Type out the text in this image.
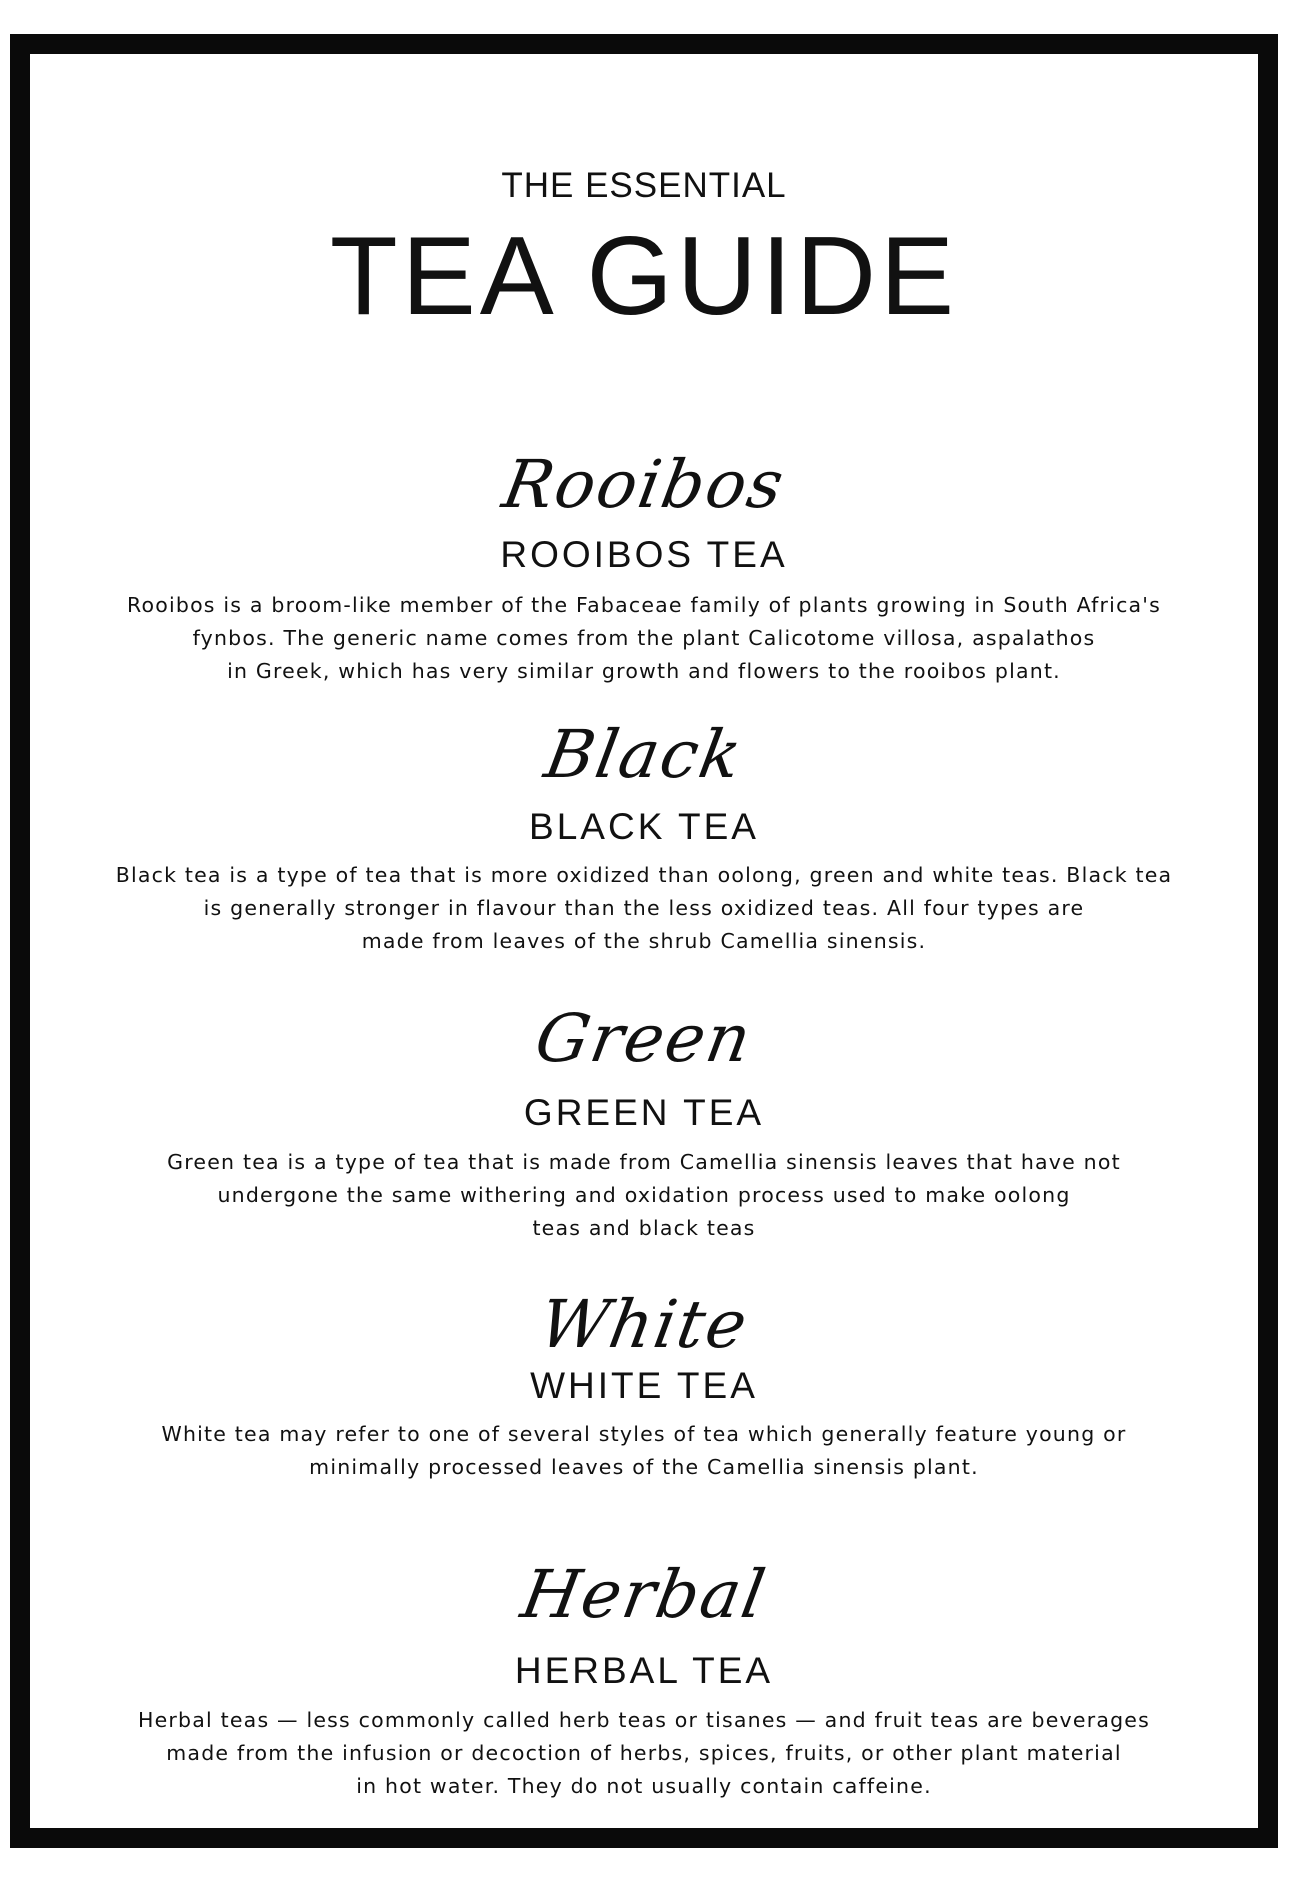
THE ESSENTIAL
TEA GUIDE
Rooibos
ROOIBOS TEA
Rooibos is a broom-like member of the Fabaceae family of plants growing in South Africa's
fynbos. The generic name comes from the plant Calicotome villosa, aspalathos
in Greek, which has very similar growth and flowers to the rooibos plant.
Black
BLACK TEA
Black tea is a type of tea that is more oxidized than oolong, green and white teas. Black tea
is generally stronger in flavour than the less oxidized teas. All four types are
made from leaves of the shrub Camellia sinensis.
Green
GREEN TEA
Green tea is a type of tea that is made from Camellia sinensis leaves that have not
undergone the same withering and oxidation process used to make oolong
teas and black teas
White
WHITE TEA
White tea may refer to one of several styles of tea which generally feature young or
minimally processed leaves of the Camellia sinensis plant.
Herbal
HERBAL TEA
Herbal teas — less commonly called herb teas or tisanes — and fruit teas are beverages
made from the infusion or decoction of herbs, spices, fruits, or other plant material
in hot water. They do not usually contain caffeine.
